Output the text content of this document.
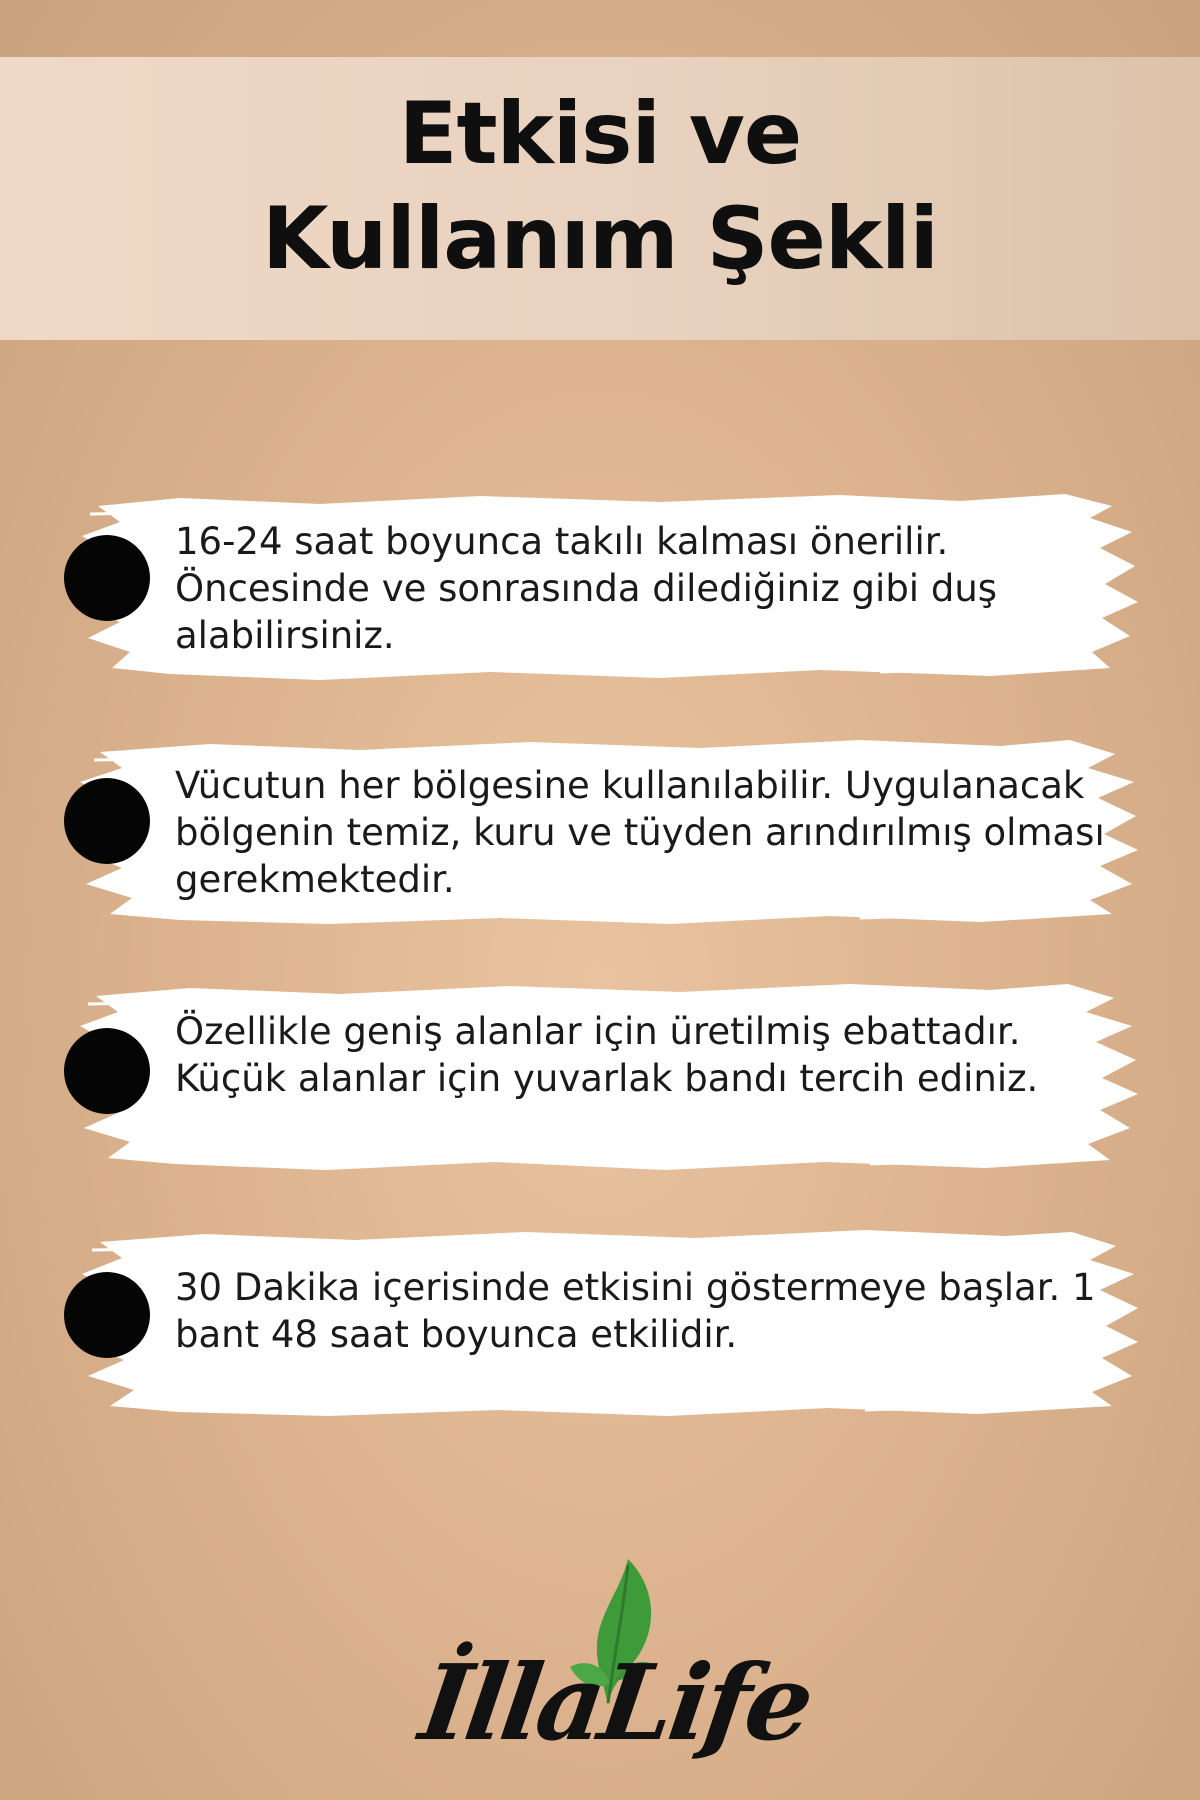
Etkisi ve
Kullanım Şekli
16-24 saat boyunca takılı kalması önerilir. Öncesinde ve sonrasında dilediğiniz gibi duş alabilirsiniz.
Vücutun her bölgesine kullanılabilir. Uygulanacak bölgenin temiz, kuru ve tüyden arındırılmış olması gerekmektedir.
Özellikle geniş alanlar için üretilmiş ebattadır. Küçük alanlar için yuvarlak bandı tercih ediniz.
30 Dakika içerisinde etkisini göstermeye başlar. 1 bant 48 saat boyunca etkilidir.
İllaLife
